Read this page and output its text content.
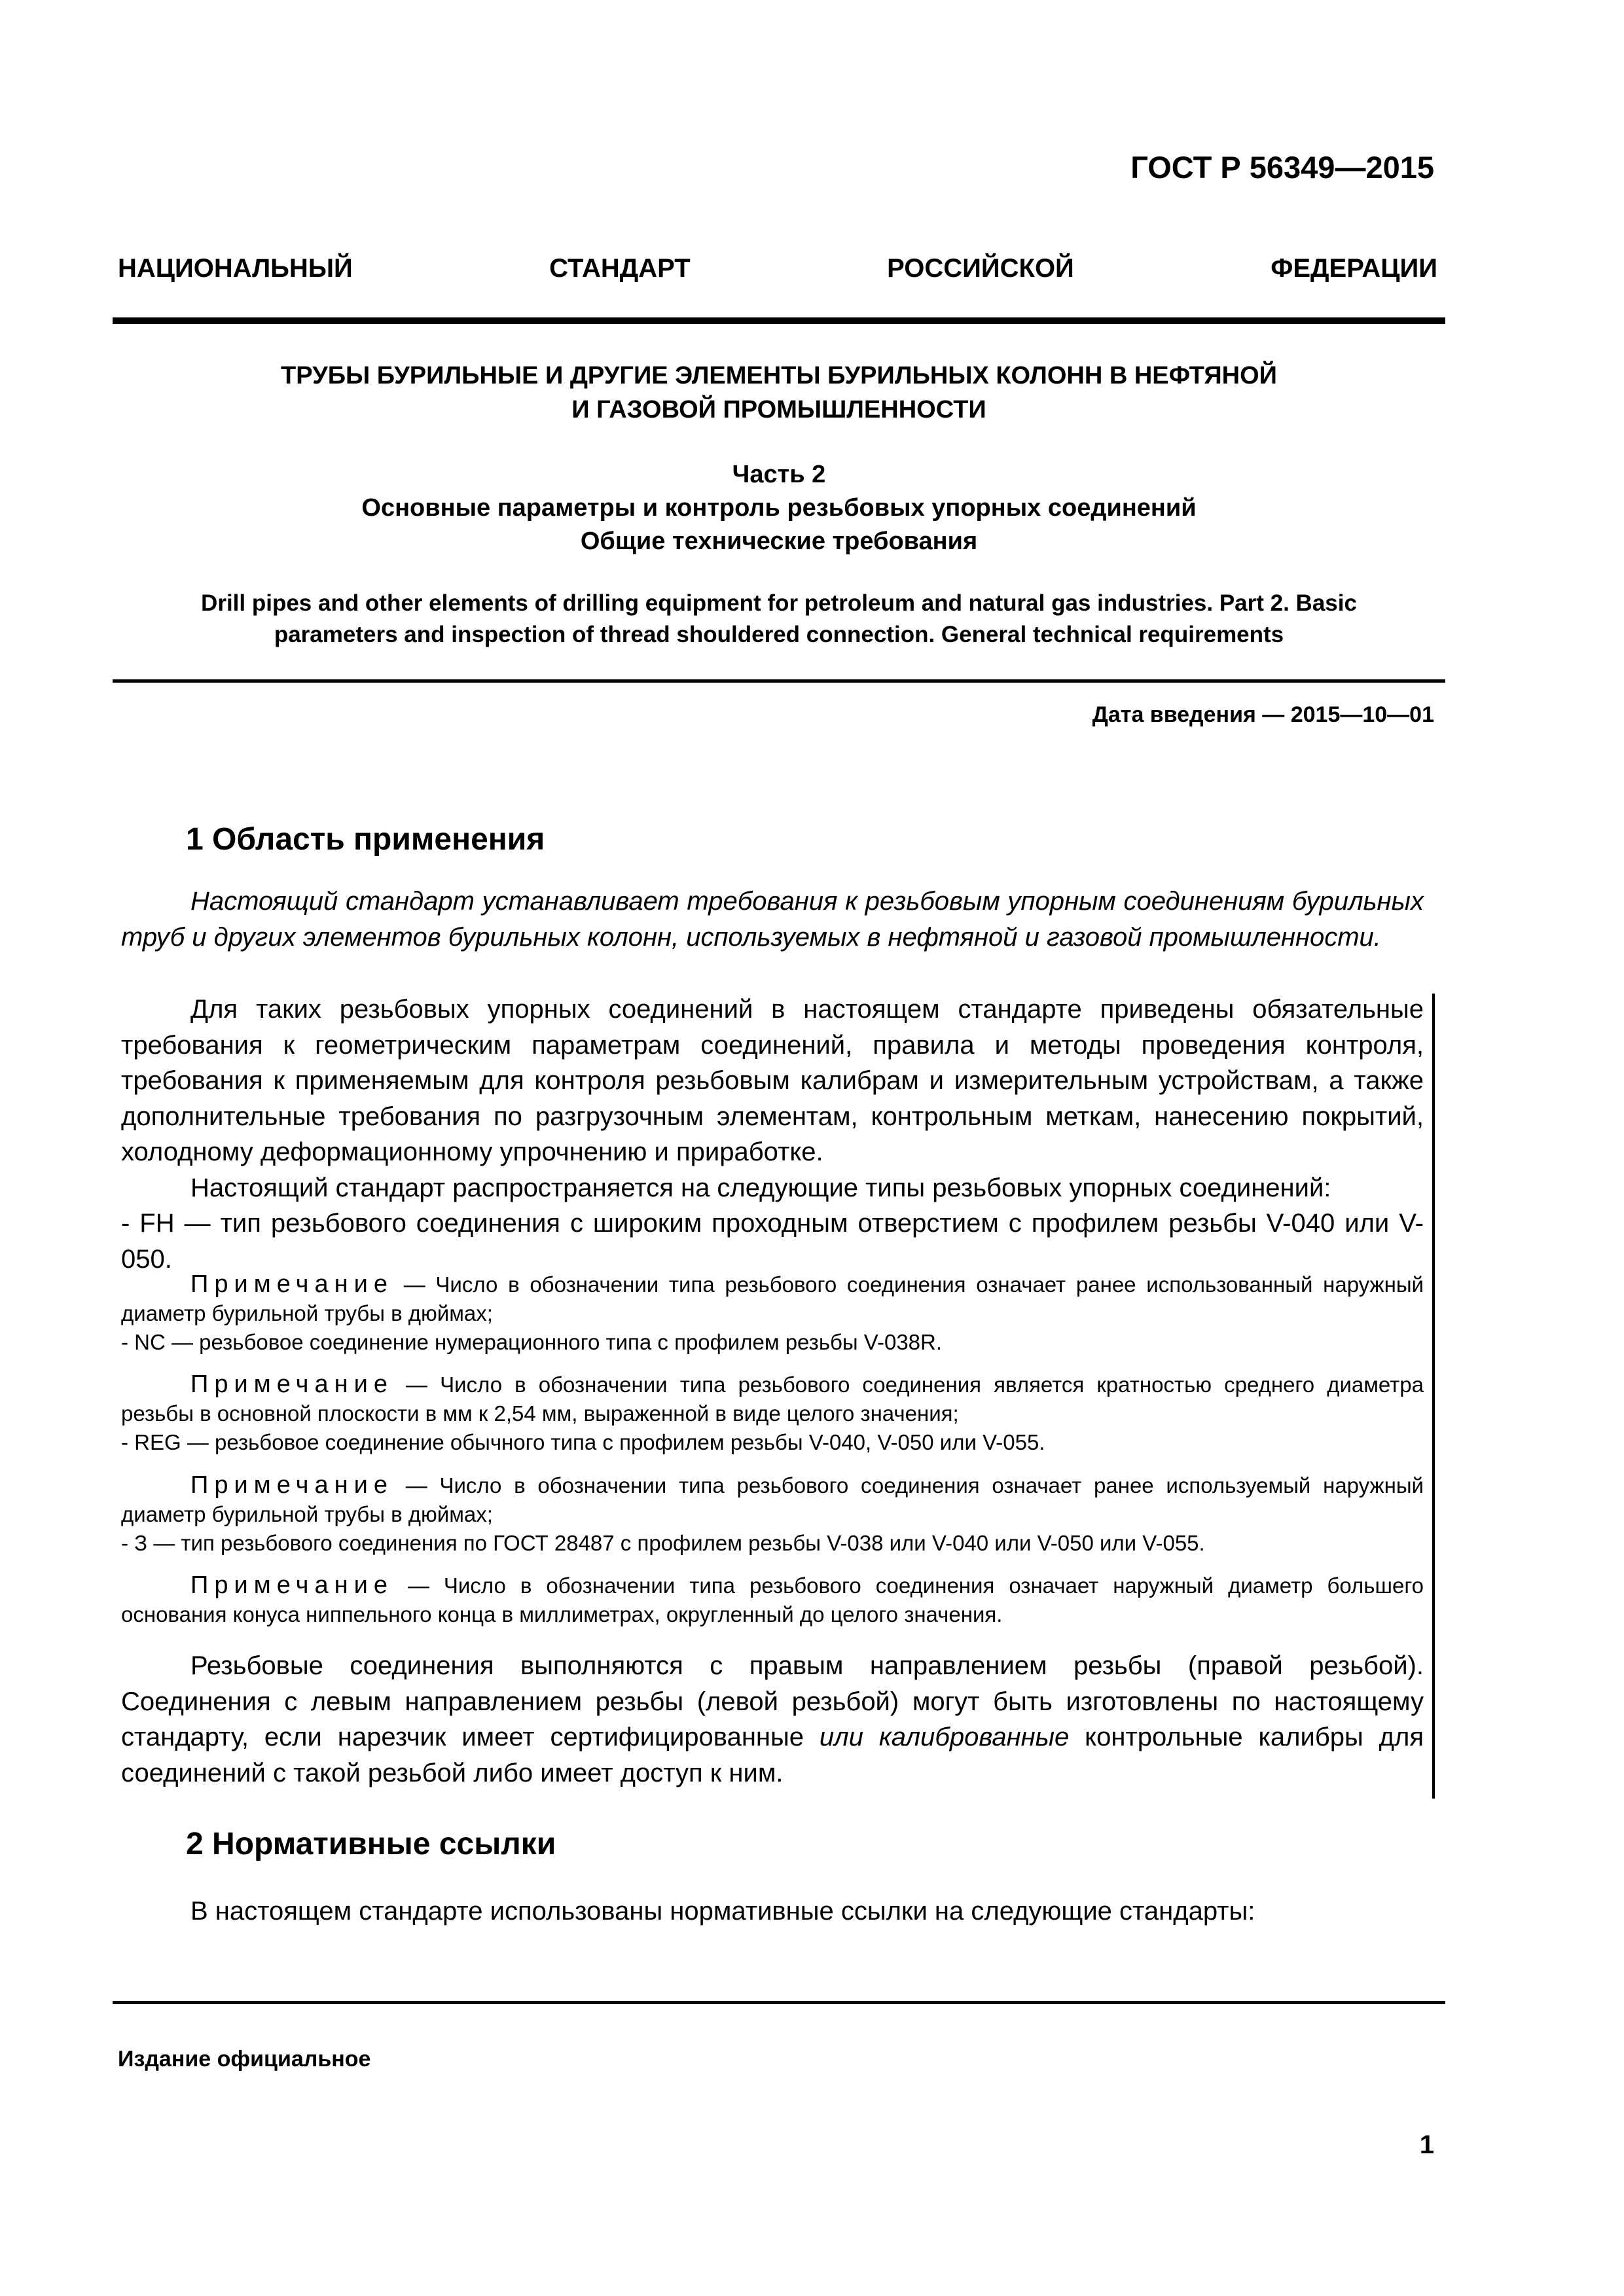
ГОСТ Р 56349—2015
НАЦИОНАЛЬНЫЙ СТАНДАРТ РОССИЙСКОЙ ФЕДЕРАЦИИ
ТРУБЫ БУРИЛЬНЫЕ И ДРУГИЕ ЭЛЕМЕНТЫ БУРИЛЬНЫХ КОЛОНН В НЕФТЯНОЙ
И ГАЗОВОЙ ПРОМЫШЛЕННОСТИ
Часть 2
Основные параметры и контроль резьбовых упорных соединений
Общие технические требования
Drill pipes and other elements of drilling equipment for petroleum and natural gas industries. Part 2. Basic
parameters and inspection of thread shouldered connection. General technical requirements
Дата введения — 2015—10—01
1 Область применения

Настоящий стандарт устанавливает требования к резьбовым упорным соединениям бурильных труб и других элементов бурильных колонн, используемых в нефтяной и газовой промышленности.

Для таких резьбовых упорных соединений в настоящем стандарте приведены обязательные требования к геометрическим параметрам соединений, правила и методы проведения контроля, требования к применяемым для контроля резьбовым калибрам и измерительным устройствам, а также дополнительные требования по разгрузочным элементам, контрольным меткам, нанесению покрытий, холодному деформационному упрочнению и приработке.

Настоящий стандарт распространяется на следующие типы резьбовых упорных соединений:

- FH — тип резьбового соединения с широким проходным отверстием с профилем резьбы V-040 или V-050.

Примечание — Число в обозначении типа резьбового соединения означает ранее использованный наружный диаметр бурильной трубы в дюймах;

- NC — резьбовое соединение нумерационного типа с профилем резьбы V-038R.

Примечание — Число в обозначении типа резьбового соединения является кратностью среднего диаметра резьбы в основной плоскости в мм к 2,54 мм, выраженной в виде целого значения;

- REG — резьбовое соединение обычного типа с профилем резьбы V-040, V-050 или V-055.

Примечание — Число в обозначении типа резьбового соединения означает ранее используемый наружный диаметр бурильной трубы в дюймах;

- З — тип резьбового соединения по ГОСТ 28487 с профилем резьбы V-038 или V-040 или V-050 или V-055.

Примечание — Число в обозначении типа резьбового соединения означает наружный диаметр большего основания конуса ниппельного конца в миллиметрах, округленный до целого значения.

Резьбовые соединения выполняются с правым направлением резьбы (правой резьбой). Соединения с левым направлением резьбы (левой резьбой) могут быть изготовлены по настоящему стандарту, если нарезчик имеет сертифицированные или калиброванные контрольные калибры для соединений с такой резьбой либо имеет доступ к ним.

2 Нормативные ссылки

В настоящем стандарте использованы нормативные ссылки на следующие стандарты:

Издание официальное
1
